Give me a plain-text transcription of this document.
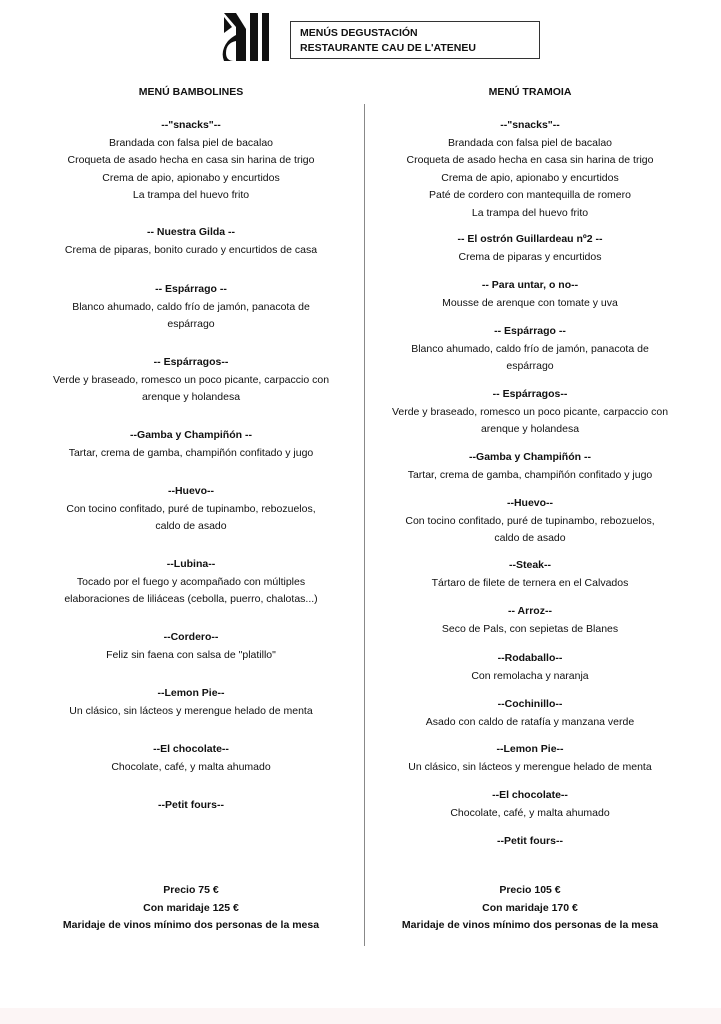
MENÚS DEGUSTACIÓN
RESTAURANTE CAU DE L'ATENEU
MENÚ BAMBOLINES
--"snacks"--
Brandada con falsa piel de bacalao
Croqueta de asado hecha en casa sin harina de trigo
Crema de apio, apionabo y encurtidos
La trampa del huevo frito
-- Nuestra Gilda --
Crema de piparas, bonito curado y encurtidos de casa
-- Espárrago --
Blanco ahumado, caldo frío de jamón, panacota de
espárrago
-- Espárragos--
Verde y braseado, romesco un poco picante, carpaccio con
arenque y holandesa
--Gamba y Champiñón --
Tartar, crema de gamba, champiñón confitado y jugo
--Huevo--
Con tocino confitado, puré de tupinambo, rebozuelos,
caldo de asado
--Lubina--
Tocado por el fuego y acompañado con múltiples
elaboraciones de liliáceas (cebolla, puerro, chalotas...)
--Cordero--
Feliz sin faena con salsa de "platillo"
--Lemon Pie--
Un clásico, sin lácteos y merengue helado de menta
--El chocolate--
Chocolate, café, y malta ahumado
--Petit fours--
Precio 75 €
Con maridaje 125 €
Maridaje de vinos mínimo dos personas de la mesa
MENÚ TRAMOIA
--"snacks"--
Brandada con falsa piel de bacalao
Croqueta de asado hecha en casa sin harina de trigo
Crema de apio, apionabo y encurtidos
Paté de cordero con mantequilla de romero
La trampa del huevo frito
-- El ostrón Guillardeau nº2 --
Crema de piparas y encurtidos
-- Para untar, o no--
Mousse de arenque con tomate y uva
-- Espárrago --
Blanco ahumado, caldo frío de jamón, panacota de
espárrago
-- Espárragos--
Verde y braseado, romesco un poco picante, carpaccio con
arenque y holandesa
--Gamba y Champiñón --
Tartar, crema de gamba, champiñón confitado y jugo
--Huevo--
Con tocino confitado, puré de tupinambo, rebozuelos,
caldo de asado
--Steak--
Tártaro de filete de ternera en el Calvados
-- Arroz--
Seco de Pals, con sepietas de Blanes
--Rodaballo--
Con remolacha y naranja
--Cochinillo--
Asado con caldo de ratafía y manzana verde
--Lemon Pie--
Un clásico, sin lácteos y merengue helado de menta
--El chocolate--
Chocolate, café, y malta ahumado
--Petit fours--
Precio 105 €
Con maridaje 170 €
Maridaje de vinos mínimo dos personas de la mesa
